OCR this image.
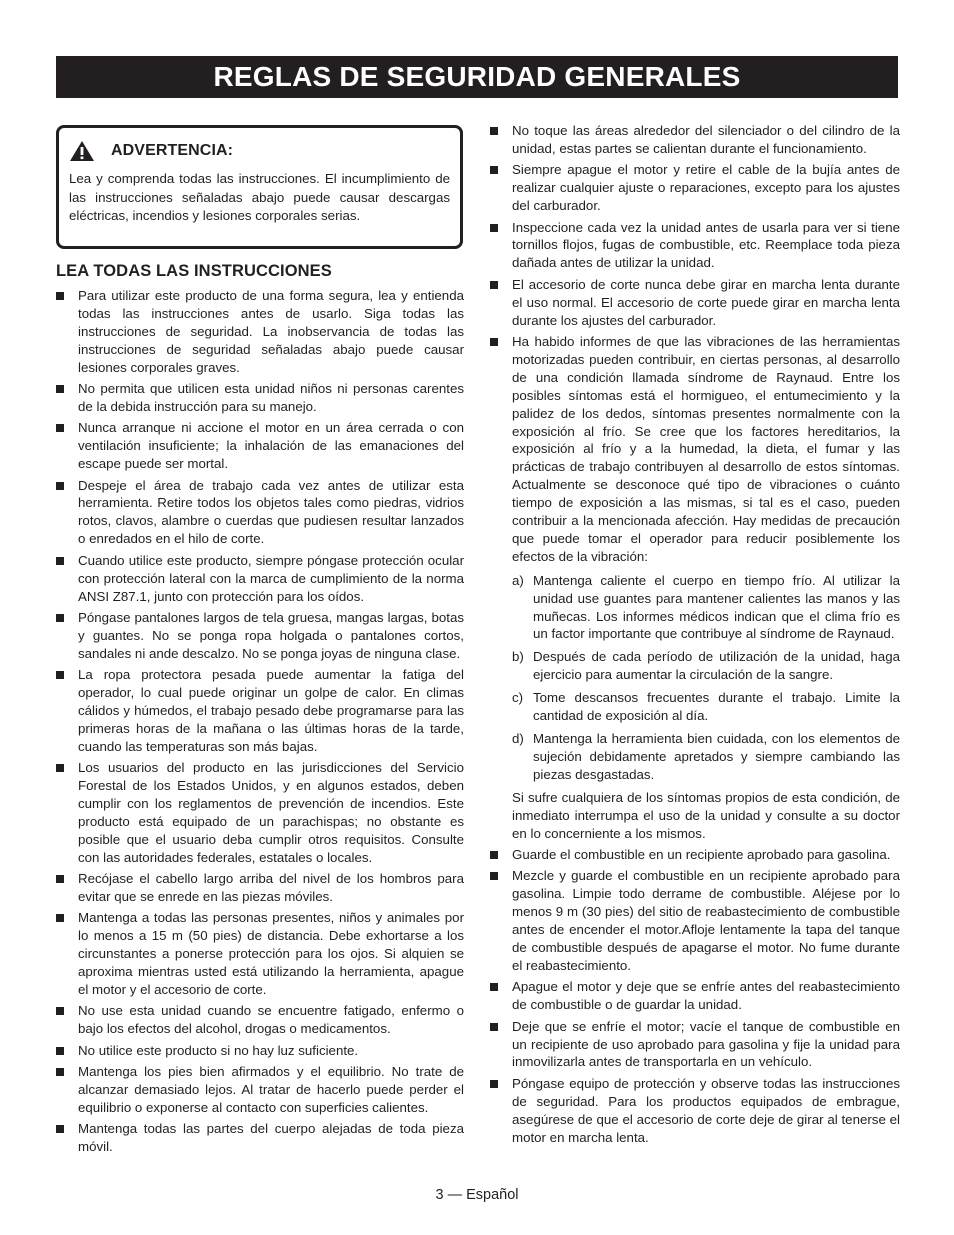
REGLAS DE SEGURIDAD GENERALES
ADVERTENCIA:

Lea y comprenda todas las instrucciones. El incumplimiento de las instrucciones señaladas abajo puede causar descargas eléctricas, incendios y lesiones corporales serias.

LEA TODAS LAS INSTRUCCIONES
Para utilizar este producto de una forma segura, lea y entienda todas las instrucciones antes de usarlo. Siga todas las instrucciones de seguridad. La inobservancia de todas las instrucciones de seguridad señaladas abajo puede causar lesiones corporales graves.
No permita que utilicen esta unidad niños ni personas carentes de la debida instrucción para su manejo.
Nunca arranque ni accione el motor en un área cerrada o con ventilación insuficiente; la inhalación de las emanaciones del escape puede ser mortal.
Despeje el área de trabajo cada vez antes de utilizar esta herramienta. Retire todos los objetos tales como piedras, vidrios rotos, clavos, alambre o cuerdas que pudiesen resultar lanzados o enredados en el hilo de corte.
Cuando utilice este producto, siempre póngase protección ocular con protección lateral con la marca de cumplimiento de la norma ANSI Z87.1, junto con protección para los oídos.
Póngase pantalones largos de tela gruesa, mangas largas, botas y guantes. No se ponga ropa holgada o pantalones cortos, sandales ni ande descalzo. No se ponga joyas de ninguna clase.
La ropa protectora pesada puede aumentar la fatiga del operador, lo cual puede originar un golpe de calor. En climas cálidos y húmedos, el trabajo pesado debe programarse para las primeras horas de la mañana o las últimas horas de la tarde, cuando las temperaturas son más bajas.
Los usuarios del producto en las jurisdicciones del Servicio Forestal de los Estados Unidos, y en algunos estados, deben cumplir con los reglamentos de prevención de incendios. Este producto está equipado de un parachispas; no obstante es posible que el usuario deba cumplir otros requisitos. Consulte con las autoridades federales, estatales o locales.
Recójase el cabello largo arriba del nivel de los hombros para evitar que se enrede en las piezas móviles.
Mantenga a todas las personas presentes, niños y animales por lo menos a 15 m (50 pies) de distancia. Debe exhortarse a los circunstantes a ponerse protección para los ojos. Si alquien se aproxima mientras usted está utilizando la herramienta, apague el motor y el accesorio de corte.
No use esta unidad cuando se encuentre fatigado, enfermo o bajo los efectos del alcohol, drogas o medicamentos.
No utilice este producto si no hay luz suficiente.
Mantenga los pies bien afirmados y el equilibrio. No trate de alcanzar demasiado lejos. Al tratar de hacerlo puede perder el equilibrio o exponerse al contacto con superficies calientes.
Mantenga todas las partes del cuerpo alejadas de toda pieza móvil.
No toque las áreas alrededor del silenciador o del cilindro de la unidad, estas partes se calientan durante el funcionamiento.
Siempre apague el motor y retire el cable de la bujía antes de realizar cualquier ajuste o reparaciones, excepto para los ajustes del carburador.
Inspeccione cada vez la unidad antes de usarla para ver si tiene tornillos flojos, fugas de combustible, etc. Reemplace toda pieza dañada antes de utilizar la unidad.
El accesorio de corte nunca debe girar en marcha lenta durante el uso normal. El accesorio de corte puede girar en marcha lenta durante los ajustes del carburador.
Ha habido informes de que las vibraciones de las herramientas motorizadas pueden contribuir, en ciertas personas, al desarrollo de una condición llamada síndrome de Raynaud. Entre los posibles síntomas está el hormigueo, el entumecimiento y la palidez de los dedos, síntomas presentes normalmente con la exposición al frío. Se cree que los factores hereditarios, la exposición al frío y a la humedad, la dieta, el fumar y las prácticas de trabajo contribuyen al desarrollo de estos síntomas. Actualmente se desconoce qué tipo de vibraciones o cuánto tiempo de exposición a las mismas, si tal es el caso, pueden contribuir a la mencionada afección. Hay medidas de precaución que puede tomar el operador para reducir posiblemente los efectos de la vibración:
a) Mantenga caliente el cuerpo en tiempo frío. Al utilizar la unidad use guantes para mantener calientes las manos y las muñecas. Los informes médicos indican que el clima frío es un factor importante que contribuye al síndrome de Raynaud.
b) Después de cada período de utilización de la unidad, haga ejercicio para aumentar la circulación de la sangre.
c) Tome descansos frecuentes durante el trabajo. Limite la cantidad de exposición al día.
d) Mantenga la herramienta bien cuidada, con los elementos de sujeción debidamente apretados y siempre cambiando las piezas desgastadas.

Si sufre cualquiera de los síntomas propios de esta condición, de inmediato interrumpa el uso de la unidad y consulte a su doctor en lo concerniente a los mismos.

Guarde el combustible en un recipiente aprobado para gasolina.
Mezcle y guarde el combustible en un recipiente aprobado para gasolina. Limpie todo derrame de combustible. Aléjese por lo menos 9 m (30 pies) del sitio de reabastecimiento de combustible antes de encender el motor.Afloje lentamente la tapa del tanque de combustible después de apagarse el motor. No fume durante el reabastecimiento.
Apague el motor y deje que se enfríe antes del reabastecimiento de combustible o de guardar la unidad.
Deje que se enfríe el motor; vacíe el tanque de combustible en un recipiente de uso aprobado para gasolina y fije la unidad para inmovilizarla antes de transportarla en un vehículo.
Póngase equipo de protección y observe todas las instrucciones de seguridad. Para los productos equipados de embrague, asegúrese de que el accesorio de corte deje de girar al tenerse el motor en marcha lenta.
3 — Español
